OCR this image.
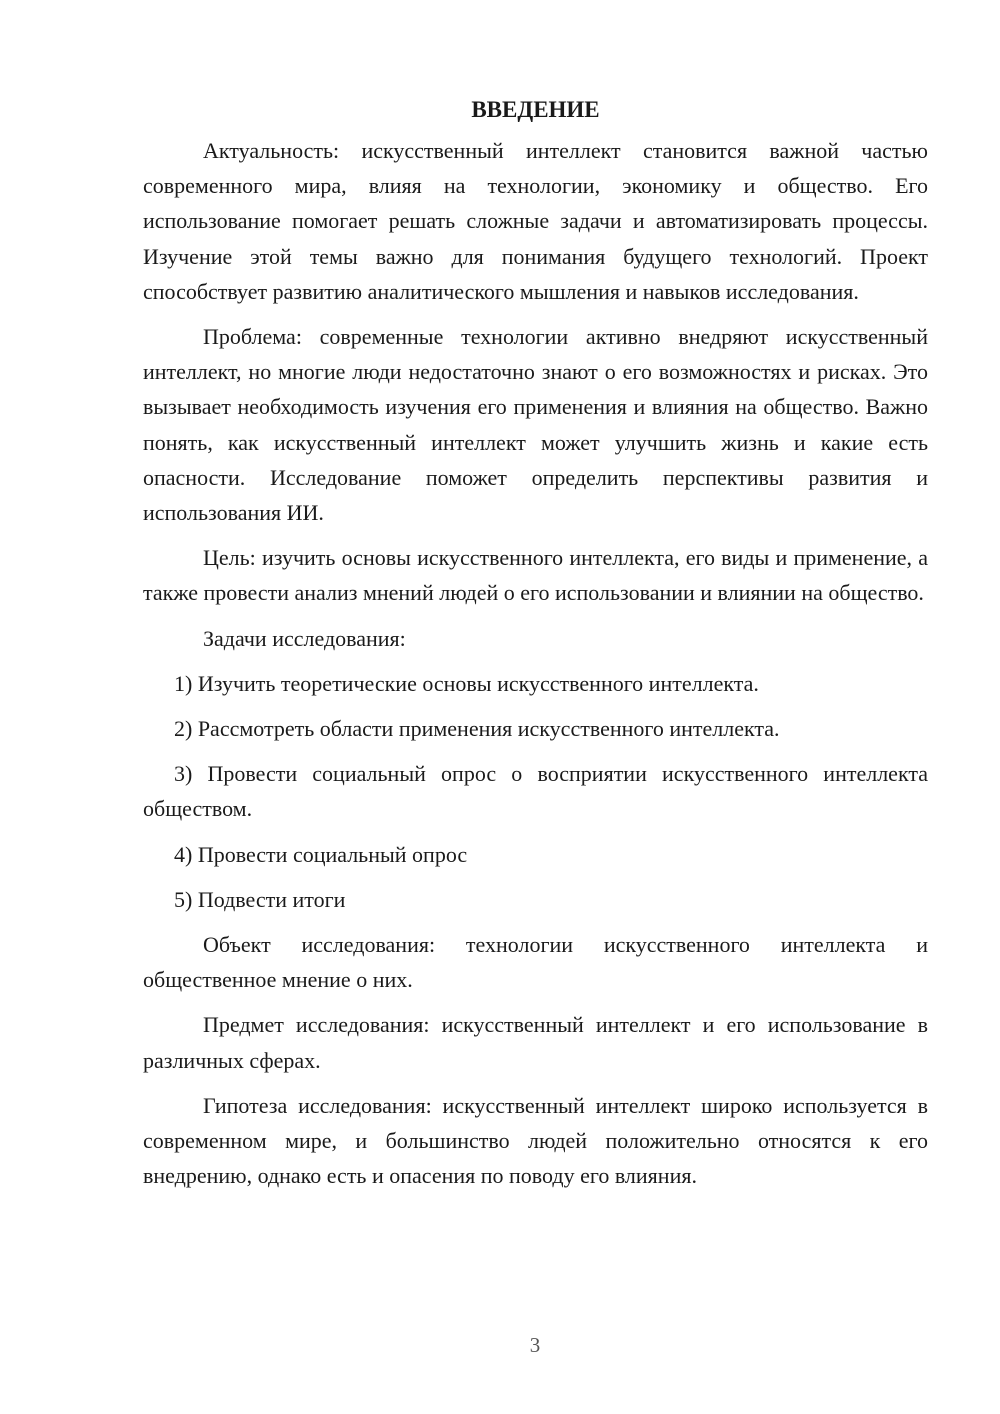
ВВЕДЕНИЕ

Актуальность: искусственный интеллект становится важной частью современного мира, влияя на технологии, экономику и общество. Его использование помогает решать сложные задачи и автоматизировать процессы. Изучение этой темы важно для понимания будущего технологий. Проект способствует развитию аналитического мышления и навыков исследования.

Проблема: современные технологии активно внедряют искусственный интеллект, но многие люди недостаточно знают о его возможностях и рисках. Это вызывает необходимость изучения его применения и влияния на общество. Важно понять, как искусственный интеллект может улучшить жизнь и какие есть опасности. Исследование поможет определить перспективы развития и использования ИИ.

Цель: изучить основы искусственного интеллекта, его виды и применение, а также провести анализ мнений людей о его использовании и влиянии на общество.

Задачи исследования:

1) Изучить теоретические основы искусственного интеллекта.

2) Рассмотреть области применения искусственного интеллекта.

3) Провести социальный опрос о восприятии искусственного интеллекта обществом.

4) Провести социальный опрос

5) Подвести итоги

Объект исследования: технологии искусственного интеллекта и общественное мнение о них.

Предмет исследования: искусственный интеллект и его использование в различных сферах.

Гипотеза исследования: искусственный интеллект широко используется в современном мире, и большинство людей положительно относятся к его внедрению, однако есть и опасения по поводу его влияния.

3
